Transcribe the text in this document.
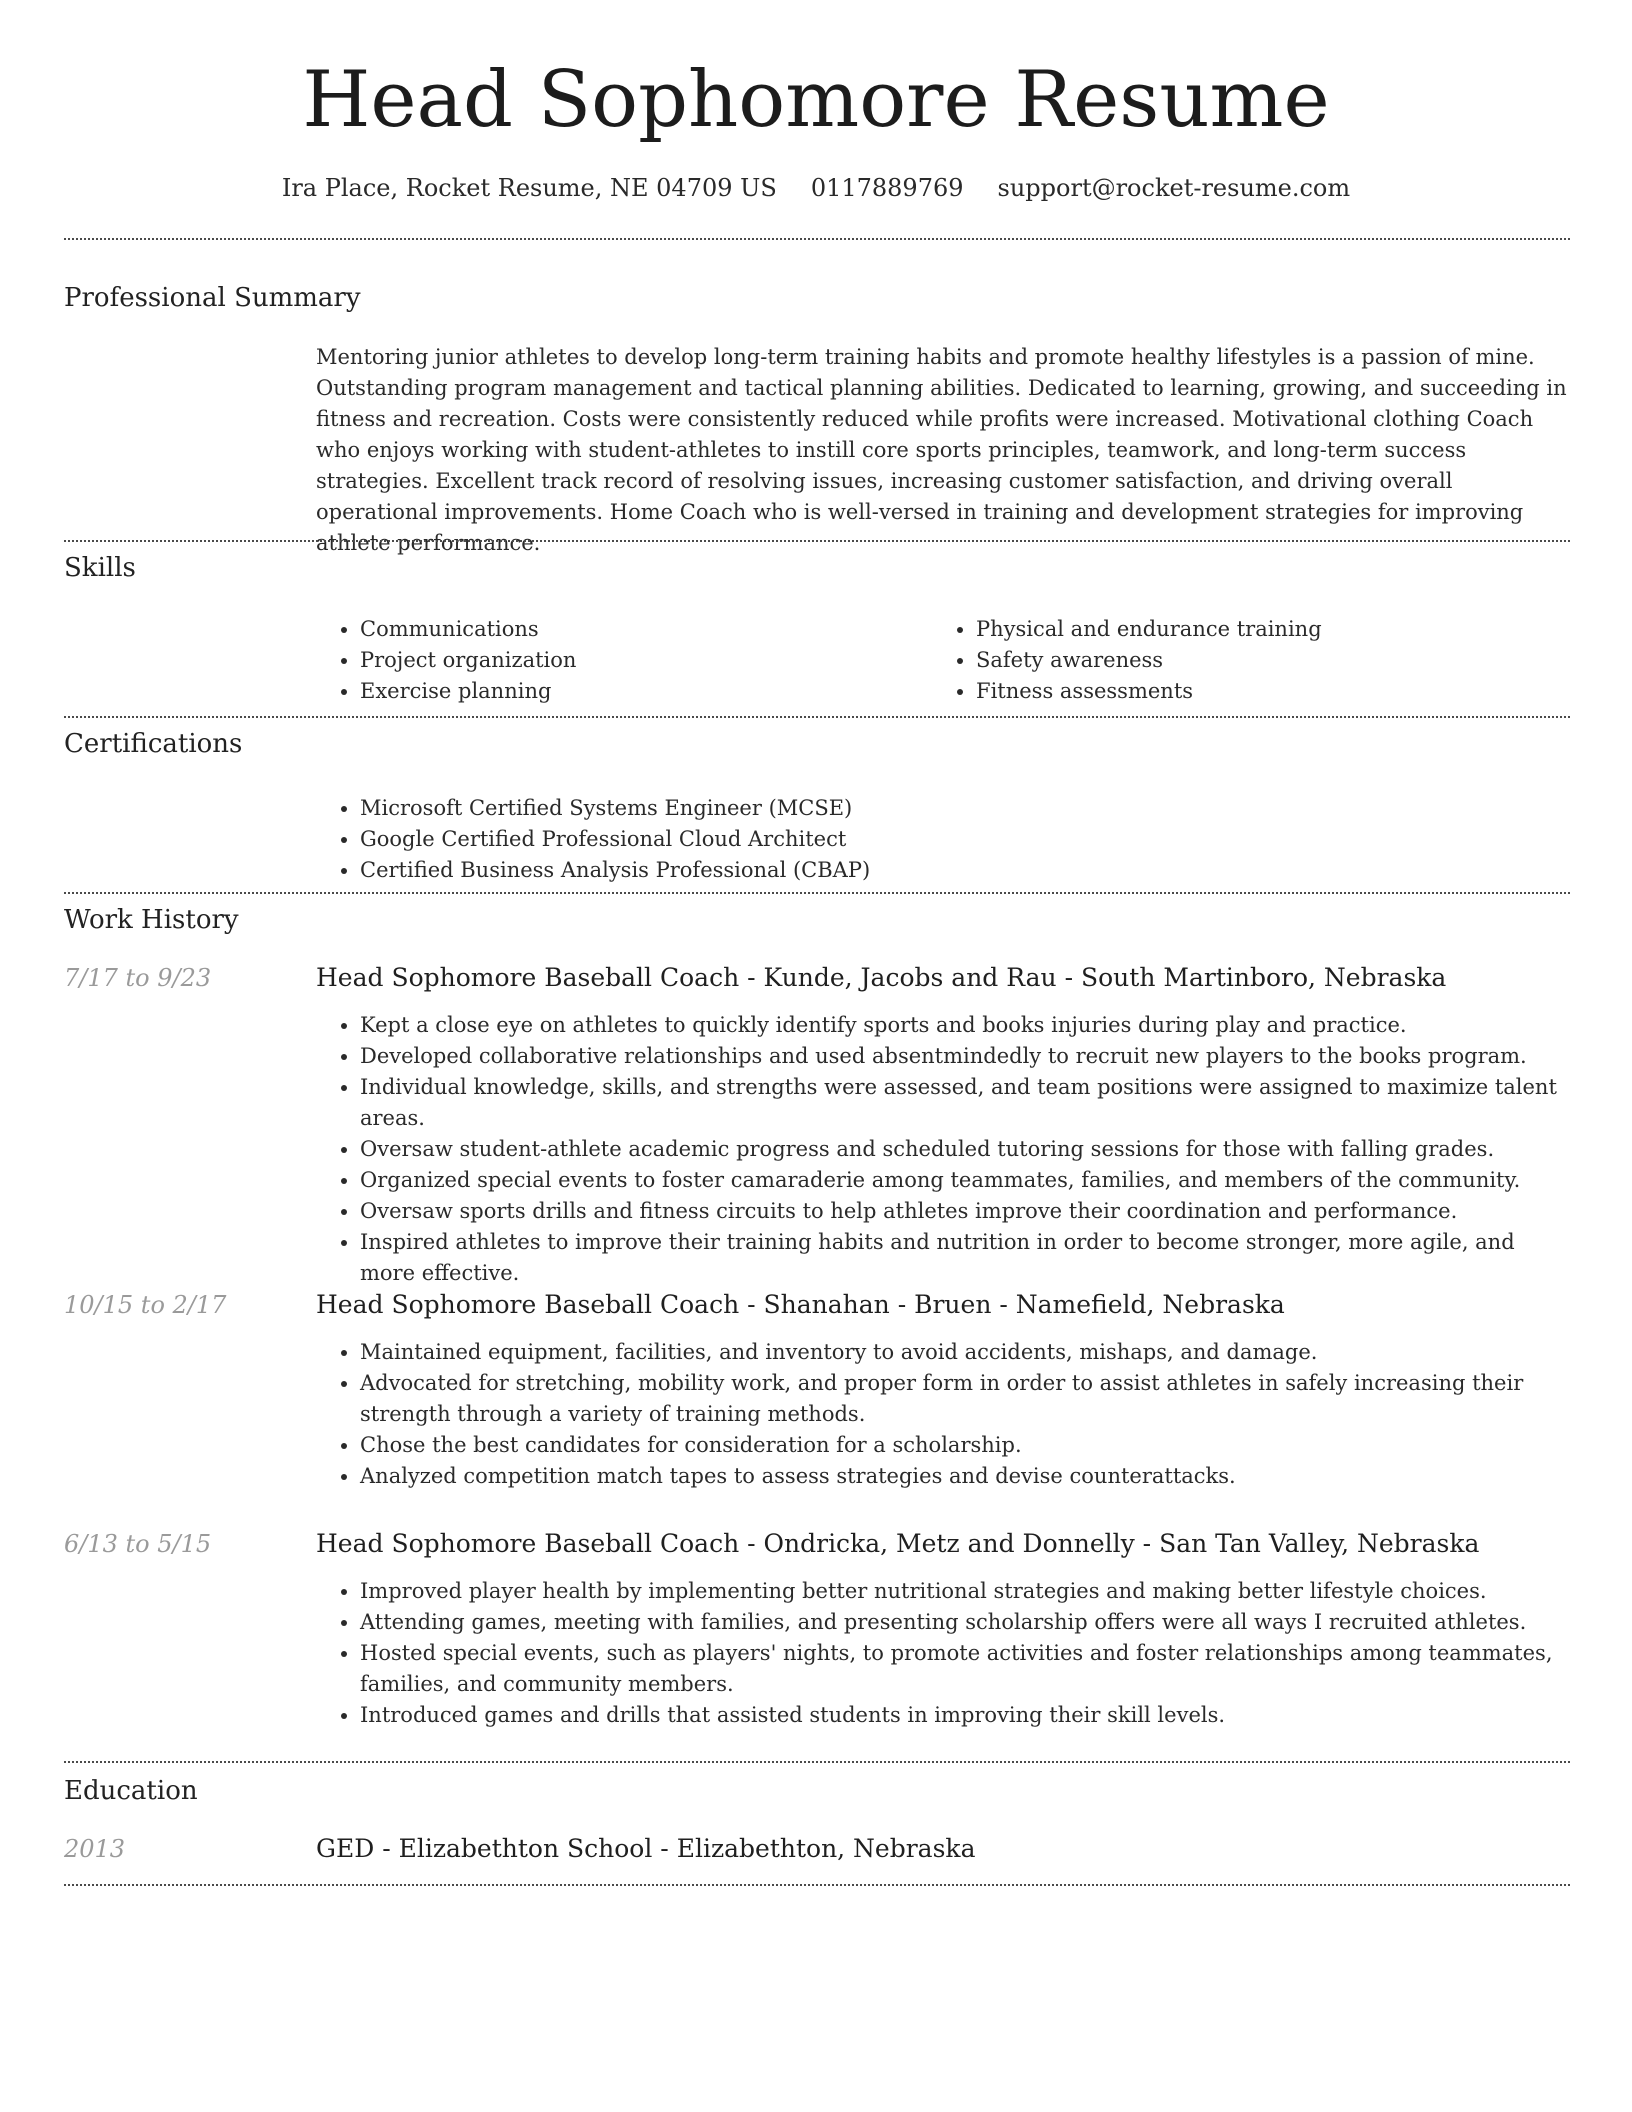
Head Sophomore Resume
Ira Place, Rocket Resume, NE 04709 US 0117889769 support@rocket-resume.com
Professional Summary

Mentoring junior athletes to develop long-term training habits and promote healthy lifestyles is a passion of mine. Outstanding program management and tactical planning abilities. Dedicated to learning, growing, and succeeding in fitness and recreation. Costs were consistently reduced while profits were increased. Motivational clothing Coach who enjoys working with student-athletes to instill core sports principles, teamwork, and long-term success strategies. Excellent track record of resolving issues, increasing customer satisfaction, and driving overall operational improvements. Home Coach who is well-versed in training and development strategies for improving athlete performance.

Skills
• Communications
• Project organization
• Exercise planning
• Physical and endurance training
• Safety awareness
• Fitness assessments
Certifications
• Microsoft Certified Systems Engineer (MCSE)
• Google Certified Professional Cloud Architect
• Certified Business Analysis Professional (CBAP)
Work History
7/17 to 9/23	Head Sophomore Baseball Coach - Kunde, Jacobs and Rau - South Martinboro, Nebraska
• Kept a close eye on athletes to quickly identify sports and books injuries during play and practice.
• Developed collaborative relationships and used absentmindedly to recruit new players to the books program.
• Individual knowledge, skills, and strengths were assessed, and team positions were assigned to maximize talent areas.
• Oversaw student-athlete academic progress and scheduled tutoring sessions for those with falling grades.
• Organized special events to foster camaraderie among teammates, families, and members of the community.
• Oversaw sports drills and fitness circuits to help athletes improve their coordination and performance.
• Inspired athletes to improve their training habits and nutrition in order to become stronger, more agile, and more effective.
10/15 to 2/17	Head Sophomore Baseball Coach - Shanahan - Bruen - Namefield, Nebraska
• Maintained equipment, facilities, and inventory to avoid accidents, mishaps, and damage.
• Advocated for stretching, mobility work, and proper form in order to assist athletes in safely increasing their strength through a variety of training methods.
• Chose the best candidates for consideration for a scholarship.
• Analyzed competition match tapes to assess strategies and devise counterattacks.
6/13 to 5/15	Head Sophomore Baseball Coach - Ondricka, Metz and Donnelly - San Tan Valley, Nebraska
• Improved player health by implementing better nutritional strategies and making better lifestyle choices.
• Attending games, meeting with families, and presenting scholarship offers were all ways I recruited athletes.
• Hosted special events, such as players' nights, to promote activities and foster relationships among teammates, families, and community members.
• Introduced games and drills that assisted students in improving their skill levels.
Education
2013	GED - Elizabethton School - Elizabethton, Nebraska
